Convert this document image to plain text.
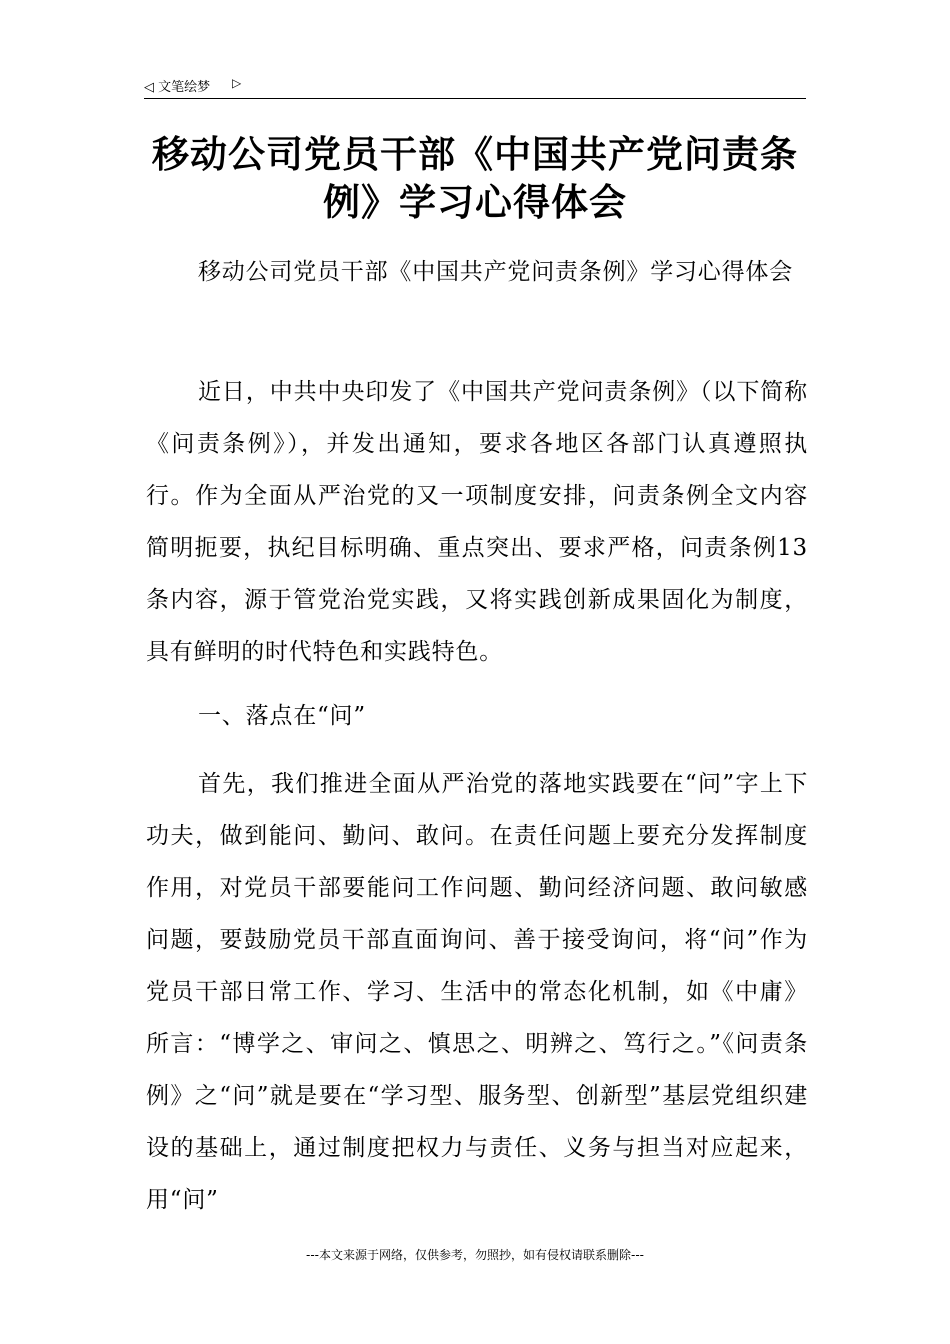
◁ 文笔绘梦 ▷
移动公司党员干部《中国共产党问责条例》学习心得体会
移动公司党员干部《中国共产党问责条例》学习心得体会
近日，中共中央印发了《中国共产党问责条例》（以下简称《问责条例》），并发出通知，要求各地区各部门认真遵照执行。作为全面从严治党的又一项制度安排，问责条例全文内容简明扼要，执纪目标明确、重点突出、要求严格，问责条例13条内容，源于管党治党实践，又将实践创新成果固化为制度，具有鲜明的时代特色和实践特色。
一、落点在“问”
首先，我们推进全面从严治党的落地实践要在“问”字上下功夫，做到能问、勤问、敢问。在责任问题上要充分发挥制度作用，对党员干部要能问工作问题、勤问经济问题、敢问敏感问题，要鼓励党员干部直面询问、善于接受询问，将“问”作为党员干部日常工作、学习、生活中的常态化机制，如《中庸》所言：“博学之、审问之、慎思之、明辨之、笃行之。”《问责条例》之“问”就是要在“学习型、服务型、创新型”基层党组织建设的基础上，通过制度把权力与责任、义务与担当对应起来，用“问”
---本文来源于网络，仅供参考，勿照抄，如有侵权请联系删除---
